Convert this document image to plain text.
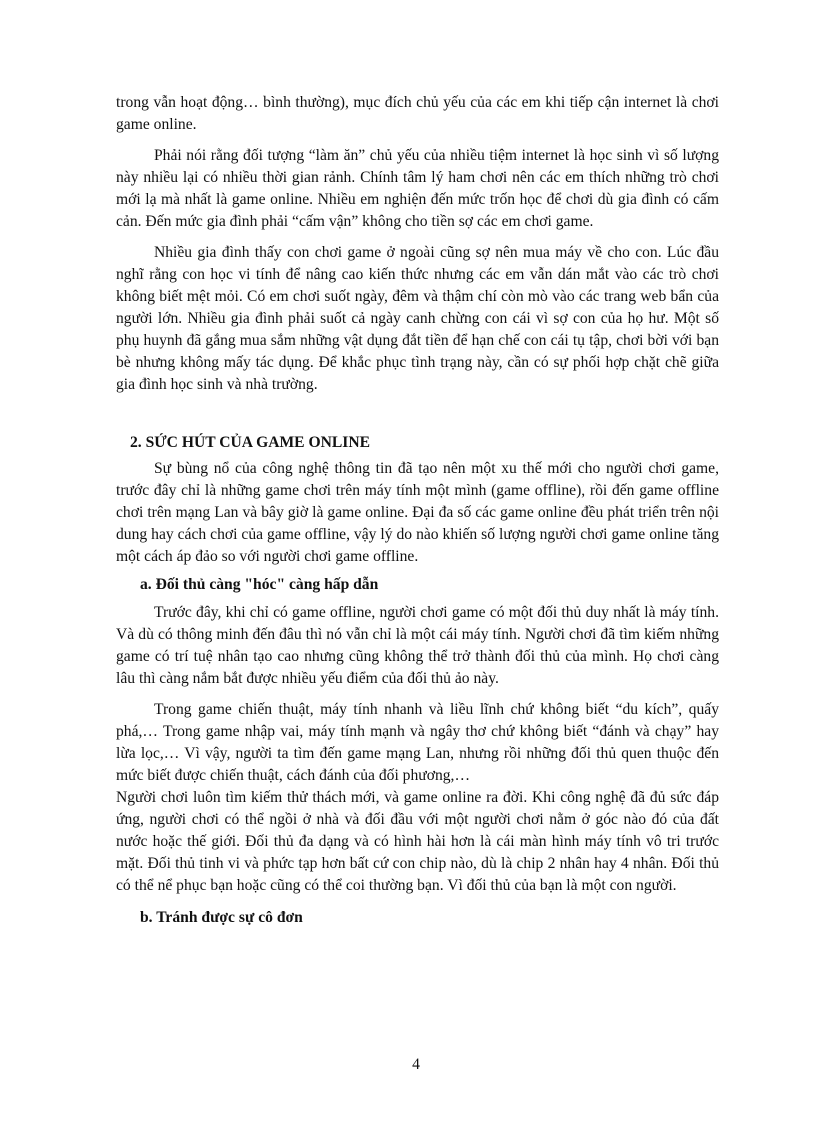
trong vẫn hoạt động… bình thường), mục đích chủ yếu của các em khi tiếp cận internet là chơi game online.

Phải nói rằng đối tượng “làm ăn” chủ yếu của nhiều tiệm internet là học sinh vì số lượng này nhiều lại có nhiều thời gian rảnh. Chính tâm lý ham chơi nên các em thích những trò chơi mới lạ mà nhất là game online. Nhiều em nghiện đến mức trốn học để chơi dù gia đình có cấm cản. Đến mức gia đình phải “cấm vận” không cho tiền sợ các em chơi game.

Nhiều gia đình thấy con chơi game ở ngoài cũng sợ nên mua máy về cho con. Lúc đầu nghĩ rằng con học vi tính để nâng cao kiến thức nhưng các em vẫn dán mắt vào các trò chơi không biết mệt mỏi. Có em chơi suốt ngày, đêm và thậm chí còn mò vào các trang web bẩn của người lớn. Nhiều gia đình phải suốt cả ngày canh chừng con cái vì sợ con của họ hư. Một số phụ huynh đã gắng mua sắm những vật dụng đắt tiền để hạn chế con cái tụ tập, chơi bời với bạn bè nhưng không mấy tác dụng. Để khắc phục tình trạng này, cần có sự phối hợp chặt chẽ giữa gia đình học sinh và nhà trường.

2. SỨC HÚT CỦA GAME ONLINE

Sự bùng nổ của công nghệ thông tin đã tạo nên một xu thế mới cho người chơi game, trước đây chỉ là những game chơi trên máy tính một mình (game offline), rồi đến game offline chơi trên mạng Lan và bây giờ là game online. Đại đa số các game online đều phát triển trên nội dung hay cách chơi của game offline, vậy lý do nào khiến số lượng người chơi game online tăng một cách áp đảo so với người chơi game offline.

a. Đối thủ càng "hóc" càng hấp dẫn

Trước đây, khi chỉ có game offline, người chơi game có một đối thủ duy nhất là máy tính. Và dù có thông minh đến đâu thì nó vẫn chỉ là một cái máy tính. Người chơi đã tìm kiếm những game có trí tuệ nhân tạo cao nhưng cũng không thể trở thành đối thủ của mình. Họ chơi càng lâu thì càng nắm bắt được nhiều yếu điểm của đối thủ ảo này.

Trong game chiến thuật, máy tính nhanh và liều lĩnh chứ không biết “du kích”, quấy phá,… Trong game nhập vai, máy tính mạnh và ngây thơ chứ không biết “đánh và chạy” hay lừa lọc,… Vì vậy, người ta tìm đến game mạng Lan, nhưng rồi những đối thủ quen thuộc đến mức biết được chiến thuật, cách đánh của đối phương,…

Người chơi luôn tìm kiếm thử thách mới, và game online ra đời. Khi công nghệ đã đủ sức đáp ứng, người chơi có thể ngồi ở nhà và đối đầu với một người chơi nằm ở góc nào đó của đất nước hoặc thế giới. Đối thủ đa dạng và có hình hài hơn là cái màn hình máy tính vô tri trước mặt. Đối thủ tinh vi và phức tạp hơn bất cứ con chip nào, dù là chip 2 nhân hay 4 nhân. Đối thủ có thể nể phục bạn hoặc cũng có thể coi thường bạn. Vì đối thủ của bạn là một con người.

b. Tránh được sự cô đơn
4
